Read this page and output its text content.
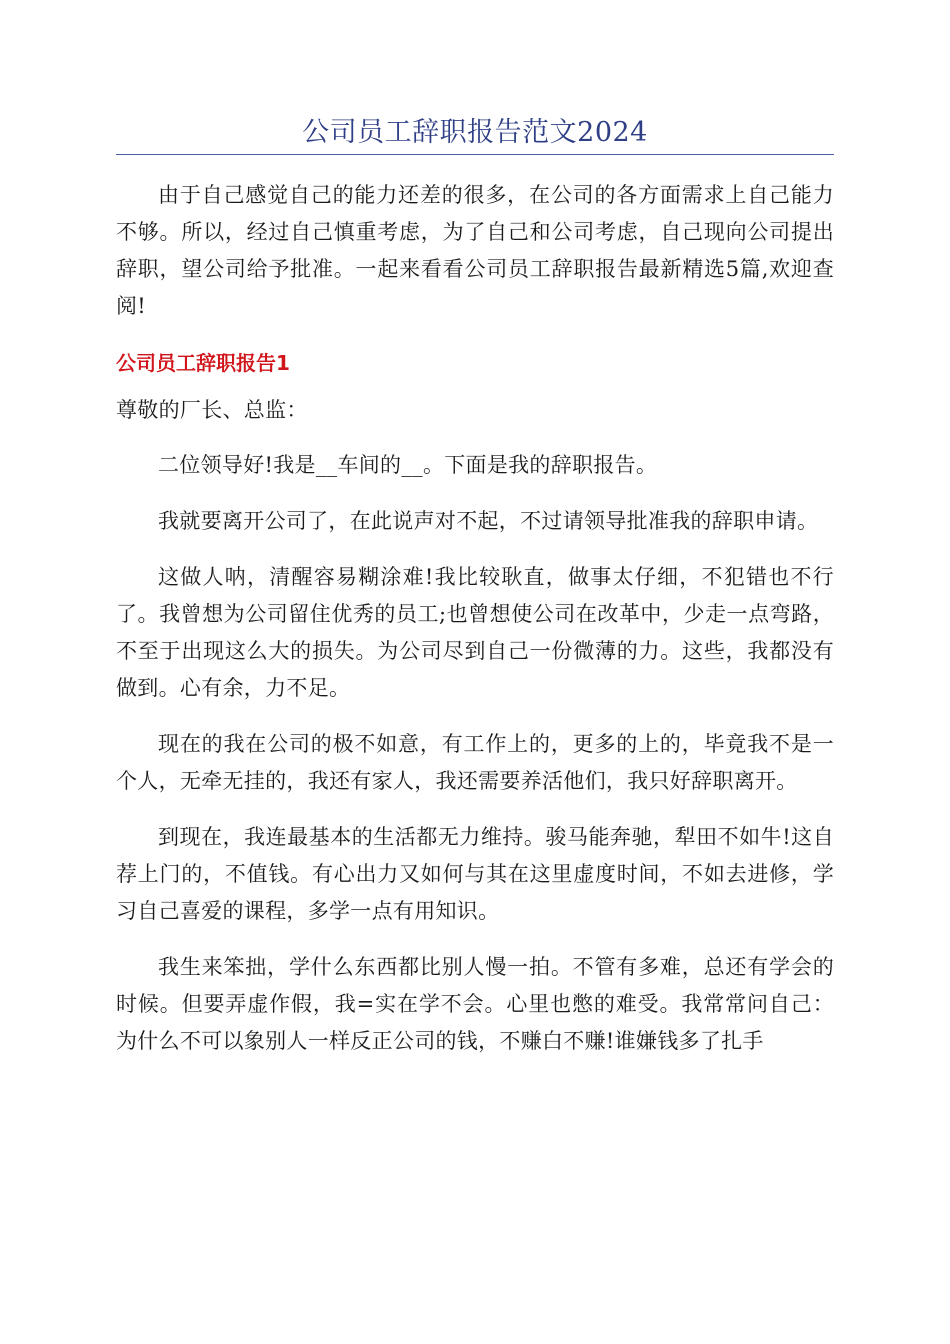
公司员工辞职报告范文2024

由于自己感觉自己的能力还差的很多，在公司的各方面需求上自己能力不够。所以，经过自己慎重考虑，为了自己和公司考虑，自己现向公司提出辞职，望公司给予批准。一起来看看公司员工辞职报告最新精选5篇,欢迎查阅!

公司员工辞职报告1

尊敬的厂长、总监：

二位领导好!我是__车间的__。下面是我的辞职报告。

我就要离开公司了，在此说声对不起，不过请领导批准我的辞职申请。

这做人呐，清醒容易糊涂难!我比较耿直，做事太仔细，不犯错也不行了。我曾想为公司留住优秀的员工;也曾想使公司在改革中，少走一点弯路，不至于出现这么大的损失。为公司尽到自己一份微薄的力。这些，我都没有做到。心有余，力不足。

现在的我在公司的极不如意，有工作上的，更多的上的，毕竟我不是一个人，无牵无挂的，我还有家人，我还需要养活他们，我只好辞职离开。

到现在，我连最基本的生活都无力维持。骏马能奔驰，犁田不如牛!这自荐上门的，不值钱。有心出力又如何与其在这里虚度时间，不如去进修，学习自己喜爱的课程，多学一点有用知识。

我生来笨拙，学什么东西都比别人慢一拍。不管有多难，总还有学会的时候。但要弄虚作假，我=实在学不会。心里也憋的难受。我常常问自己：为什么不可以象别人一样反正公司的钱，不赚白不赚!谁嫌钱多了扎手
